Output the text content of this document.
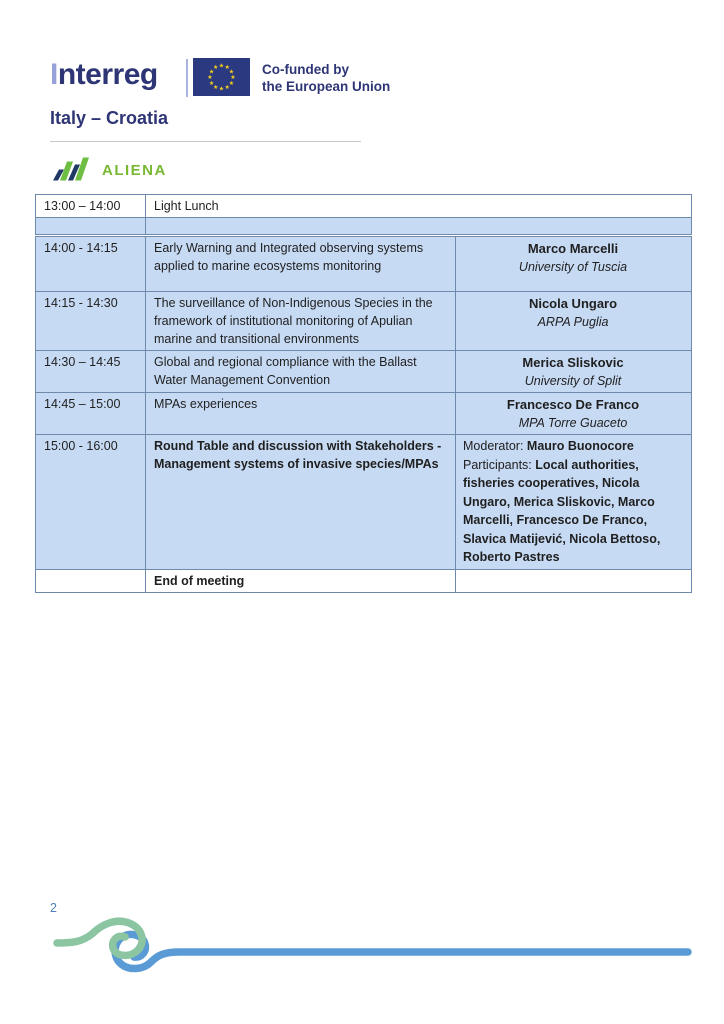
Interreg	★ ★
★
★
★
★
★
★
★
★
★
★	Co-funded by
the European Union
Italy – Croatia
ALIENA
13:00 – 14:00	Light Lunch

14:00 - 14:15	Early Warning and Integrated observing systems applied to marine ecosystems monitoring	Marco Marcelli
University of Tuscia

14:15 - 14:30	The surveillance of Non-Indigenous Species in the framework of institutional monitoring of Apulian marine and transitional environments	Nicola Ungaro
ARPA Puglia

14:30 – 14:45	Global and regional compliance with the Ballast Water Management Convention	Merica Sliskovic
University of Split

14:45 – 15:00	MPAs experiences	Francesco De Franco
MPA Torre Guaceto

15:00 - 16:00	Round Table and discussion with Stakeholders - Management systems of invasive species/MPAs	Moderator: Mauro Buonocore
Participants: Local authorities, fisheries cooperatives, Nicola Ungaro, Merica Sliskovic, Marco Marcelli, Francesco De Franco, Slavica Matijević, Nicola Bettoso, Roberto Pastres
	End of meeting	
2
